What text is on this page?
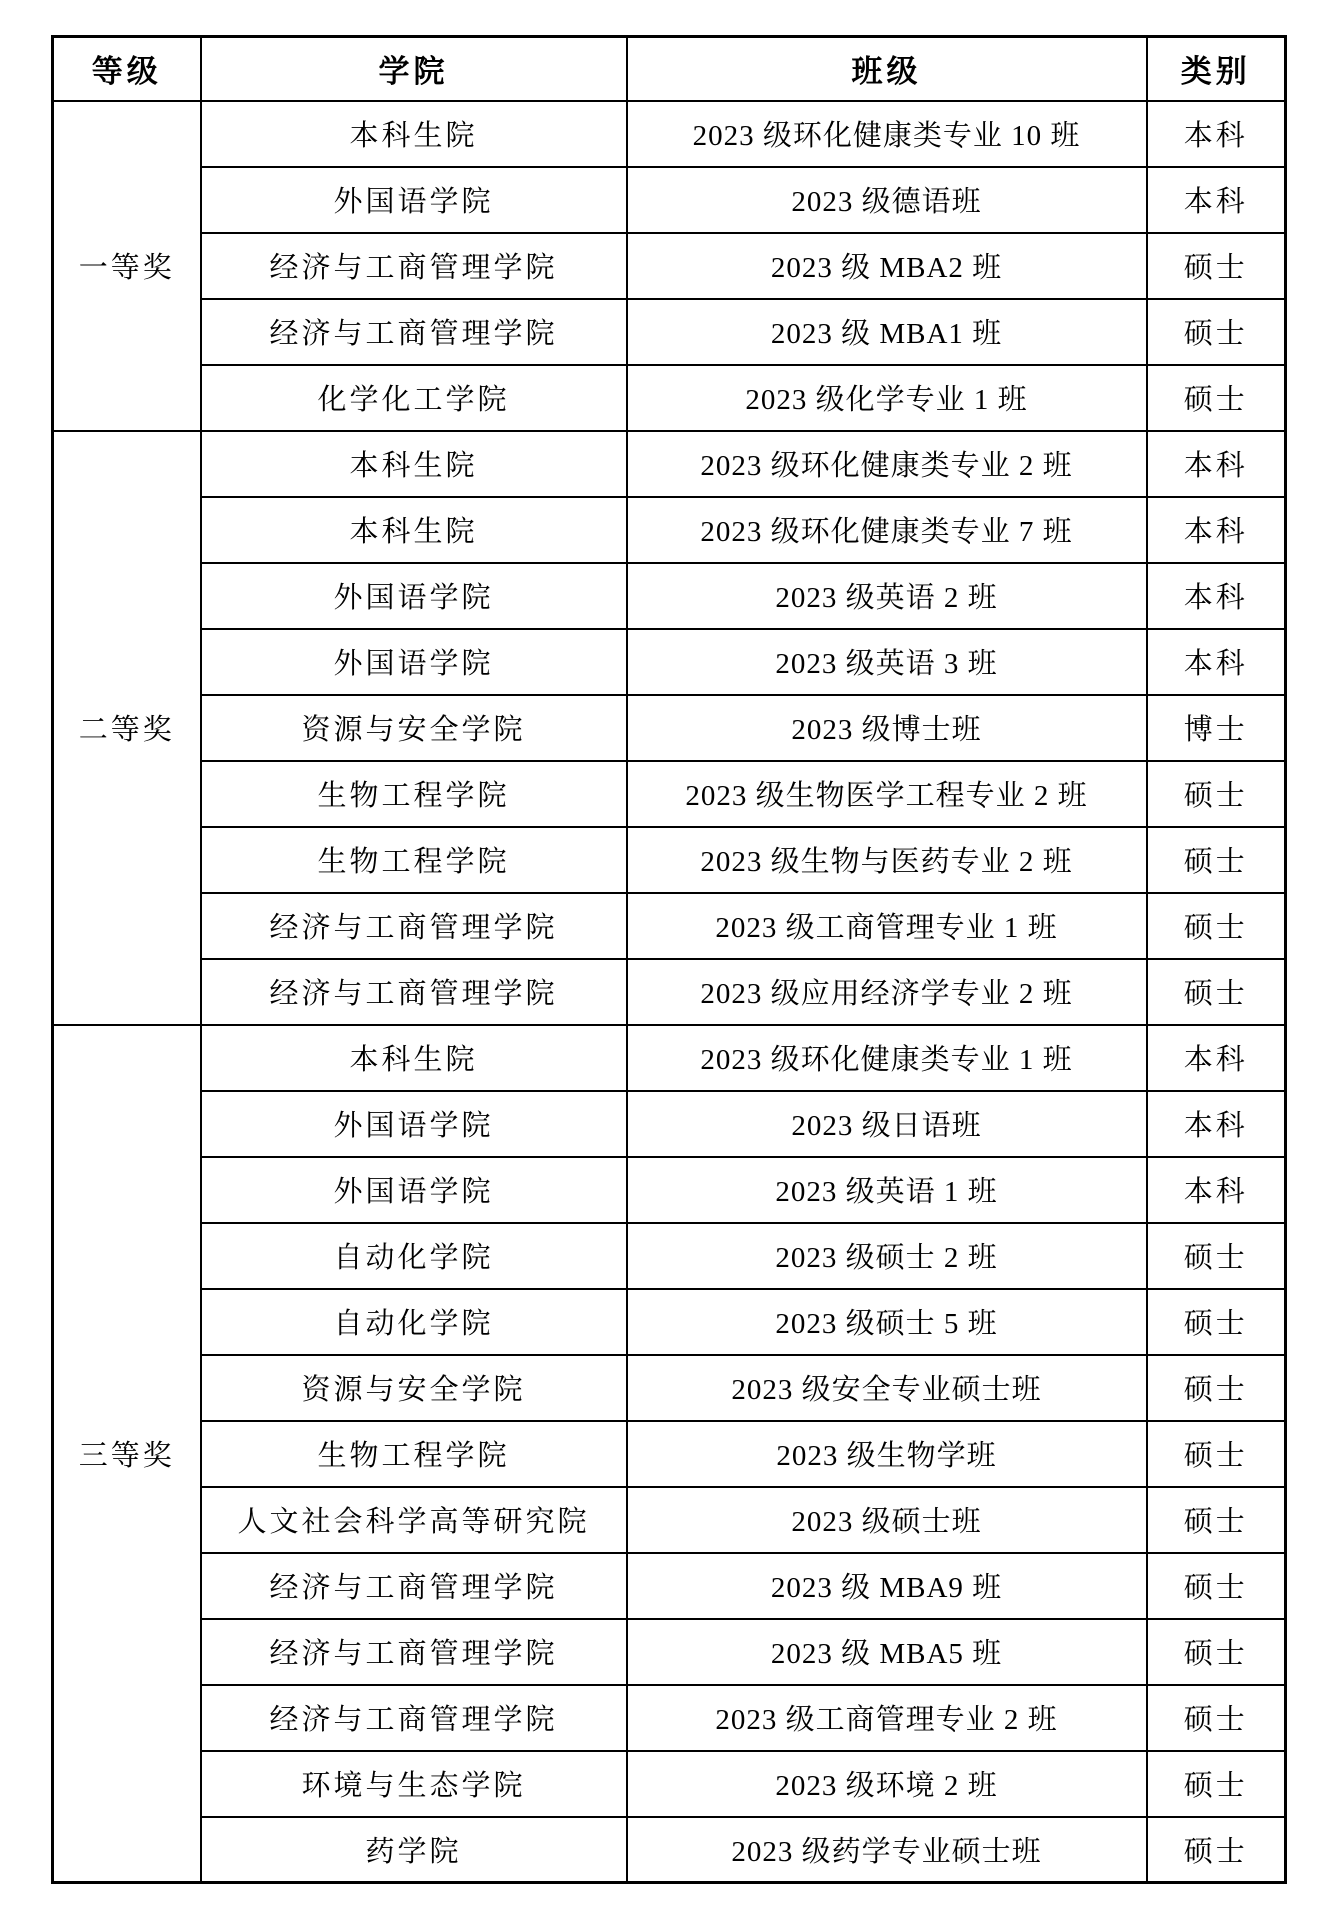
等级	学院	班级	类别
一等奖	本科生院	2023 级环化健康类专业 10 班	本科
	外国语学院	2023 级德语班	本科
	经济与工商管理学院	2023 级 MBA2 班	硕士
	经济与工商管理学院	2023 级 MBA1 班	硕士
	化学化工学院	2023 级化学专业 1 班	硕士
二等奖	本科生院	2023 级环化健康类专业 2 班	本科
	本科生院	2023 级环化健康类专业 7 班	本科
	外国语学院	2023 级英语 2 班	本科
	外国语学院	2023 级英语 3 班	本科
	资源与安全学院	2023 级博士班	博士
	生物工程学院	2023 级生物医学工程专业 2 班	硕士
	生物工程学院	2023 级生物与医药专业 2 班	硕士
	经济与工商管理学院	2023 级工商管理专业 1 班	硕士
	经济与工商管理学院	2023 级应用经济学专业 2 班	硕士
三等奖	本科生院	2023 级环化健康类专业 1 班	本科
	外国语学院	2023 级日语班	本科
	外国语学院	2023 级英语 1 班	本科
	自动化学院	2023 级硕士 2 班	硕士
	自动化学院	2023 级硕士 5 班	硕士
	资源与安全学院	2023 级安全专业硕士班	硕士
	生物工程学院	2023 级生物学班	硕士
	人文社会科学高等研究院	2023 级硕士班	硕士
	经济与工商管理学院	2023 级 MBA9 班	硕士
	经济与工商管理学院	2023 级 MBA5 班	硕士
	经济与工商管理学院	2023 级工商管理专业 2 班	硕士
	环境与生态学院	2023 级环境 2 班	硕士
	药学院	2023 级药学专业硕士班	硕士
